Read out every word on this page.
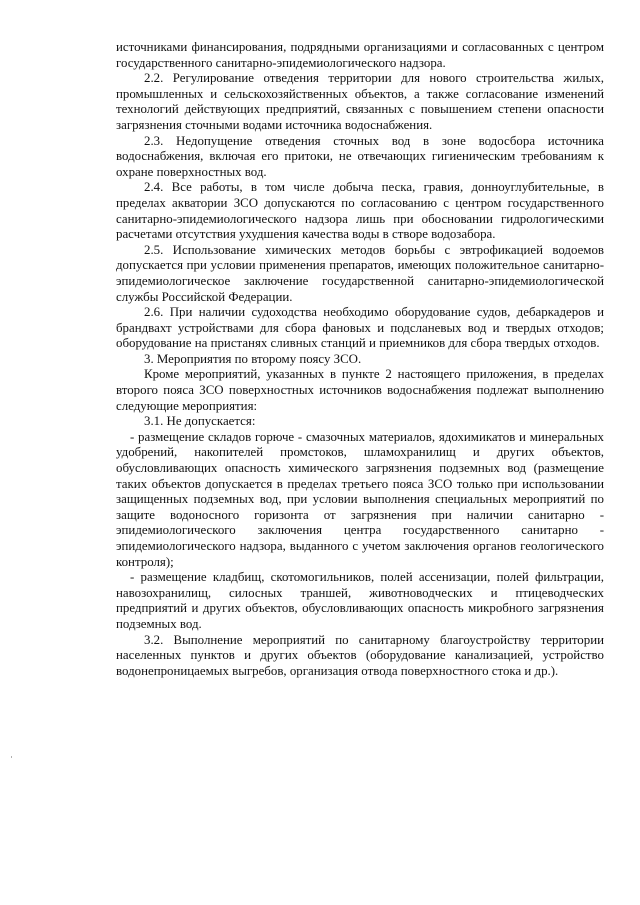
источниками финансирования, подрядными организациями и согласованных с центром государственного санитарно-эпидемиологического надзора.

2.2. Регулирование отведения территории для нового строительства жилых, промышленных и сельскохозяйственных объектов, а также согласование изменений технологий действующих предприятий, связанных с повышением степени опасности загрязнения сточными водами источника водоснабжения.

2.3. Недопущение отведения сточных вод в зоне водосбора источника водоснабжения, включая его притоки, не отвечающих гигиеническим требованиям к охране поверхностных вод.

2.4. Все работы, в том числе добыча песка, гравия, донноуглубительные, в пределах акватории ЗСО допускаются по согласованию с центром государственного санитарно-эпидемиологического надзора лишь при обосновании гидрологическими расчетами отсутствия ухудшения качества воды в створе водозабора.

2.5. Использование химических методов борьбы с эвтрофикацией водоемов допускается при условии применения препаратов, имеющих положительное санитарно-эпидемиологическое заключение государственной санитарно-эпидемиологической службы Российской Федерации.

2.6. При наличии судоходства необходимо оборудование судов, дебаркадеров и брандвахт устройствами для сбора фановых и подсланевых вод и твердых отходов; оборудование на пристанях сливных станций и приемников для сбора твердых отходов.

3. Мероприятия по второму поясу ЗСО.

Кроме мероприятий, указанных в пункте 2 настоящего приложения, в пределах второго пояса ЗСО поверхностных источников водоснабжения подлежат выполнению следующие мероприятия:

3.1. Не допускается:

- размещение складов горюче - смазочных материалов, ядохимикатов и минеральных удобрений, накопителей промстоков, шламохранилищ и других объектов, обусловливающих опасность химического загрязнения подземных вод (размещение таких объектов допускается в пределах третьего пояса ЗСО только при использовании защищенных подземных вод, при условии выполнения специальных мероприятий по защите водоносного горизонта от загрязнения при наличии санитарно - эпидемиологического заключения центра государственного санитарно - эпидемиологического надзора, выданного с учетом заключения органов геологического контроля);

- размещение кладбищ, скотомогильников, полей ассенизации, полей фильтрации, навозохранилищ, силосных траншей, животноводческих и птицеводческих предприятий и других объектов, обусловливающих опасность микробного загрязнения подземных вод.

3.2. Выполнение мероприятий по санитарному благоустройству территории населенных пунктов и других объектов (оборудование канализацией, устройство водонепроницаемых выгребов, организация отвода поверхностного стока и др.).
